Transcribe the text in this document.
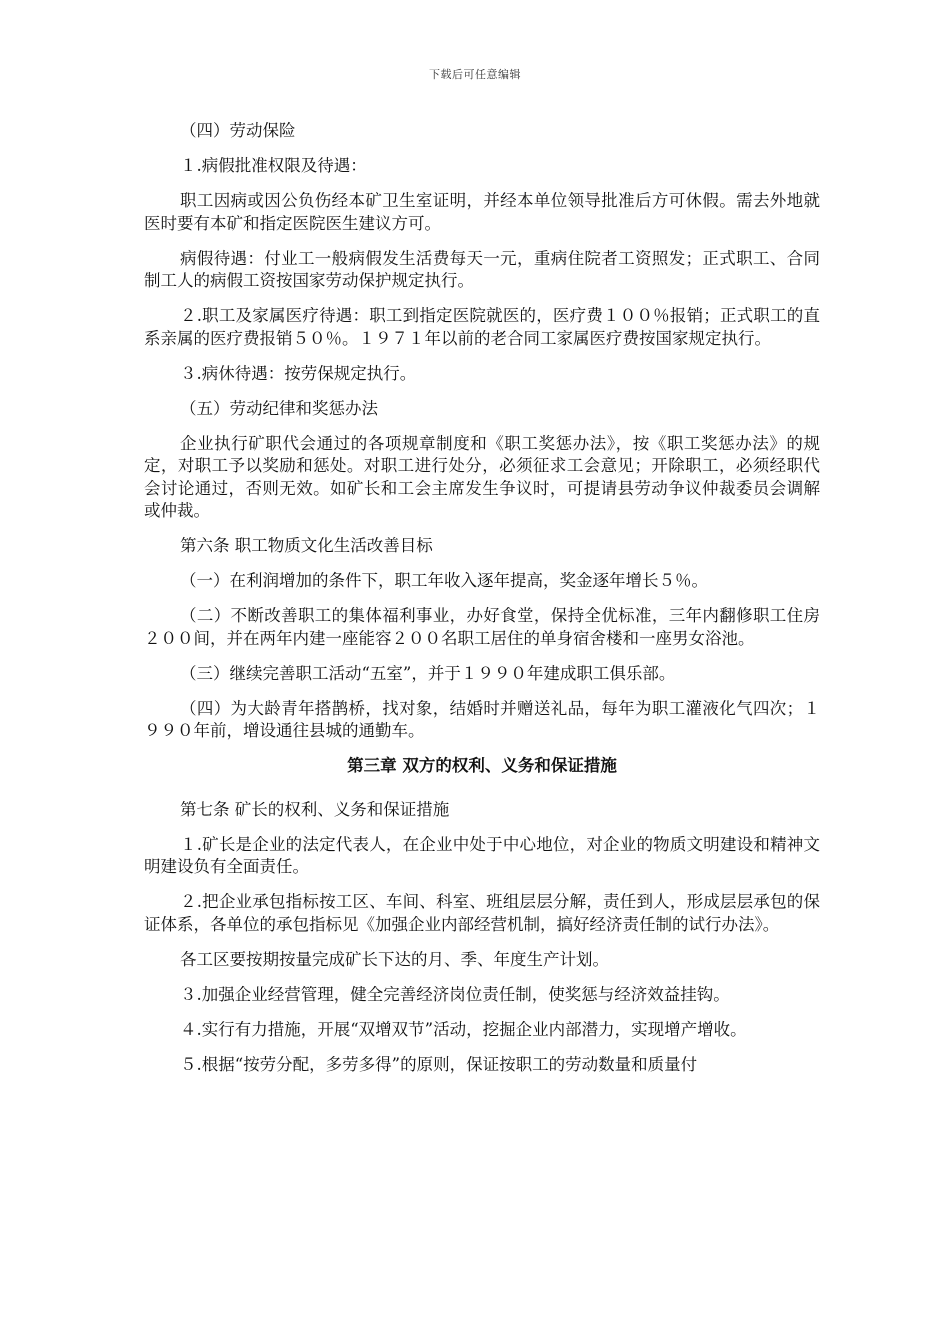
下载后可任意编辑

（四）劳动保险

１.病假批准权限及待遇：

职工因病或因公负伤经本矿卫生室证明，并经本单位领导批准后方可休假。需去外地就医时要有本矿和指定医院医生建议方可。

病假待遇：付业工一般病假发生活费每天一元，重病住院者工资照发；正式职工、合同制工人的病假工资按国家劳动保护规定执行。

２.职工及家属医疗待遇：职工到指定医院就医的，医疗费１００％报销；正式职工的直系亲属的医疗费报销５０％。１９７１年以前的老合同工家属医疗费按国家规定执行。

３.病休待遇：按劳保规定执行。

（五）劳动纪律和奖惩办法

企业执行矿职代会通过的各项规章制度和《职工奖惩办法》，按《职工奖惩办法》的规定，对职工予以奖励和惩处。对职工进行处分，必须征求工会意见；开除职工，必须经职代会讨论通过，否则无效。如矿长和工会主席发生争议时，可提请县劳动争议仲裁委员会调解或仲裁。

第六条 职工物质文化生活改善目标

（一）在利润增加的条件下，职工年收入逐年提高，奖金逐年增长５％。

（二）不断改善职工的集体福利事业，办好食堂，保持全优标准，三年内翻修职工住房２００间，并在两年内建一座能容２００名职工居住的单身宿舍楼和一座男女浴池。

（三）继续完善职工活动“五室”，并于１９９０年建成职工俱乐部。

（四）为大龄青年搭鹊桥，找对象，结婚时并赠送礼品，每年为职工灌液化气四次；１９９０年前，增设通往县城的通勤车。

第三章 双方的权利、义务和保证措施

第七条 矿长的权利、义务和保证措施

１.矿长是企业的法定代表人，在企业中处于中心地位，对企业的物质文明建设和精神文明建设负有全面责任。

２.把企业承包指标按工区、车间、科室、班组层层分解，责任到人，形成层层承包的保证体系，各单位的承包指标见《加强企业内部经营机制，搞好经济责任制的试行办法》。

各工区要按期按量完成矿长下达的月、季、年度生产计划。

３.加强企业经营管理，健全完善经济岗位责任制，使奖惩与经济效益挂钩。

４.实行有力措施，开展“双增双节”活动，挖掘企业内部潜力，实现增产增收。

５.根据“按劳分配，多劳多得”的原则，保证按职工的劳动数量和质量付
